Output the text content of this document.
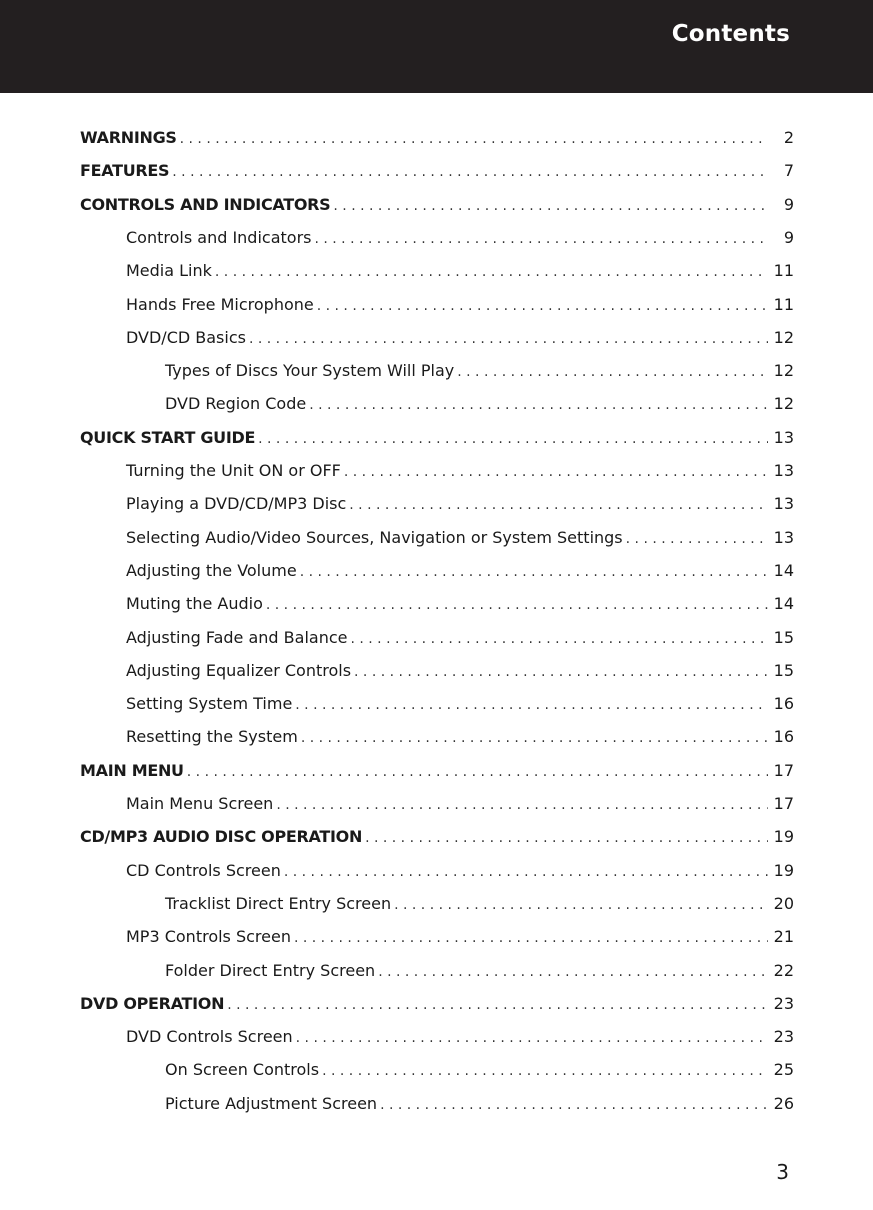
Contents
WARNINGS . . .	2
FEATURES . . .	7
CONTROLS AND INDICATORS . . .	9
Controls and Indicators . . .	9
Media Link . . .	11
Hands Free Microphone . . .	11
DVD/CD Basics . . .	12
Types of Discs Your System Will Play . . .	12
DVD Region Code . . .	12
QUICK START GUIDE . . .	13
Turning the Unit ON or OFF . . .	13
Playing a DVD/CD/MP3 Disc . . .	13
Selecting Audio/Video Sources, Navigation or System Settings . . .	13
Adjusting the Volume . . .	14
Muting the Audio . . .	14
Adjusting Fade and Balance . . .	15
Adjusting Equalizer Controls . . .	15
Setting System Time . . .	16
Resetting the System . . .	16
MAIN MENU . . .	17
Main Menu Screen . . .	17
CD/MP3 AUDIO DISC OPERATION . . .	19
CD Controls Screen . . .	19
Tracklist Direct Entry Screen . . .	20
MP3 Controls Screen . . .	21
Folder Direct Entry Screen . . .	22
DVD OPERATION . . .	23
DVD Controls Screen . . .	23
On Screen Controls . . .	25
Picture Adjustment Screen . . .	26
3
